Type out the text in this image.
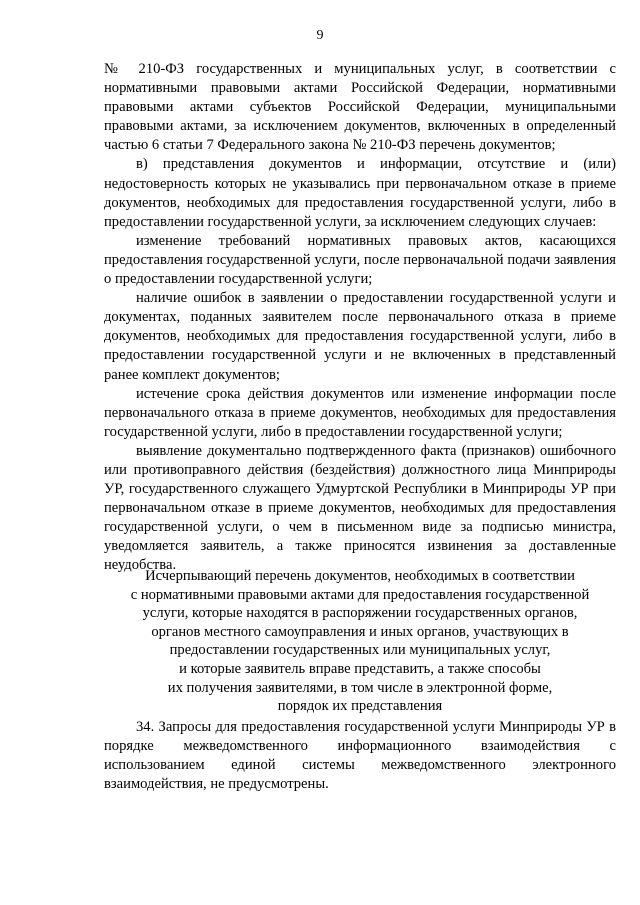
9

№ 210-ФЗ государственных и муниципальных услуг, в соответствии с нормативными правовыми актами Российской Федерации, нормативными правовыми актами субъектов Российской Федерации, муниципальными правовыми актами, за исключением документов, включенных в определенный частью 6 статьи 7 Федерального закона № 210-ФЗ перечень документов;

в) представления документов и информации, отсутствие и (или) недостоверность которых не указывались при первоначальном отказе в приеме документов, необходимых для предоставления государственной услуги, либо в предоставлении государственной услуги, за исключением следующих случаев:

изменение требований нормативных правовых актов, касающихся предоставления государственной услуги, после первоначальной подачи заявления о предоставлении государственной услуги;

наличие ошибок в заявлении о предоставлении государственной услуги и документах, поданных заявителем после первоначального отказа в приеме документов, необходимых для предоставления государственной услуги, либо в предоставлении государственной услуги и не включенных в представленный ранее комплект документов;

истечение срока действия документов или изменение информации после первоначального отказа в приеме документов, необходимых для предоставления государственной услуги, либо в предоставлении государственной услуги;

выявление документально подтвержденного факта (признаков) ошибочного или противоправного действия (бездействия) должностного лица Минприроды УР, государственного служащего Удмуртской Республики в Минприроды УР при первоначальном отказе в приеме документов, необходимых для предоставления государственной услуги, о чем в письменном виде за подписью министра, уведомляется заявитель, а также приносятся извинения за доставленные неудобства.

Исчерпывающий перечень документов, необходимых в соответствии
с нормативными правовыми актами для предоставления государственной
услуги, которые находятся в распоряжении государственных органов,
органов местного самоуправления и иных органов, участвующих в
предоставлении государственных или муниципальных услуг,
и которые заявитель вправе представить, а также способы
их получения заявителями, в том числе в электронной форме,
порядок их представления

34. Запросы для предоставления государственной услуги Минприроды УР в порядке межведомственного информационного взаимодействия с использованием единой системы межведомственного электронного взаимодействия, не предусмотрены.
